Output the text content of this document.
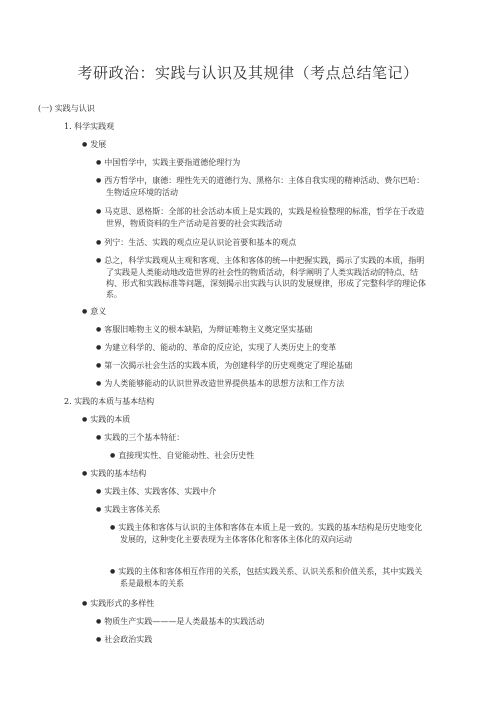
考研政治：实践与认识及其规律（考点总结笔记）
(一) 实践与认识
1. 科学实践观
● 发展
● 中国哲学中，实践主要指道德伦理行为
● 西方哲学中，康德：理性先天的道德行为、黑格尔：主体自我实现的精神活动、费尔巴哈：生物适应环境的活动
● 马克思、恩格斯：全部的社会活动本质上是实践的，实践是检验整理的标准，哲学在于改造世界，物质资料的生产活动是首要的社会实践活动
● 列宁：生活、实践的观点应是认识论首要和基本的观点
● 总之，科学实践观从主观和客观、主体和客体的统—中把握实践，揭示了实践的本质，指明了实践是人类能动地改造世界的社会性的物质活动，科学阐明了人类实践活动的特点、结构、形式和实践标准等问题，深刻揭示出实践与认识的发展规律，形成了完整科学的理论体系。
● 意义
● 客服旧唯物主义的根本缺陷，为辩证唯物主义奠定坚实基础
● 为建立科学的、能动的、革命的反应论，实现了人类历史上的变革
● 第一次揭示社会生活的实践本质，为创建科学的历史观奠定了理论基础
● 为人类能够能动的认识世界改造世界提供基本的思想方法和工作方法
2. 实践的本质与基本结构
● 实践的本质
● 实践的三个基本特征：
● 直接现实性、自觉能动性、社会历史性
● 实践的基本结构
● 实践主体、实践客体、实践中介
● 实践主客体关系
● 实践主体和客体与认识的主体和客体在本质上是一致的。实践的基本结构是历史地变化发展的，这种变化主要表现为主体客体化和客体主体化的双向运动
● 实践的主体和客体相互作用的关系，包括实践关系、认识关系和价值关系，其中实践关系是最根本的关系
● 实践形式的多样性
● 物质生产实践———是人类最基本的实践活动
● 社会政治实践
